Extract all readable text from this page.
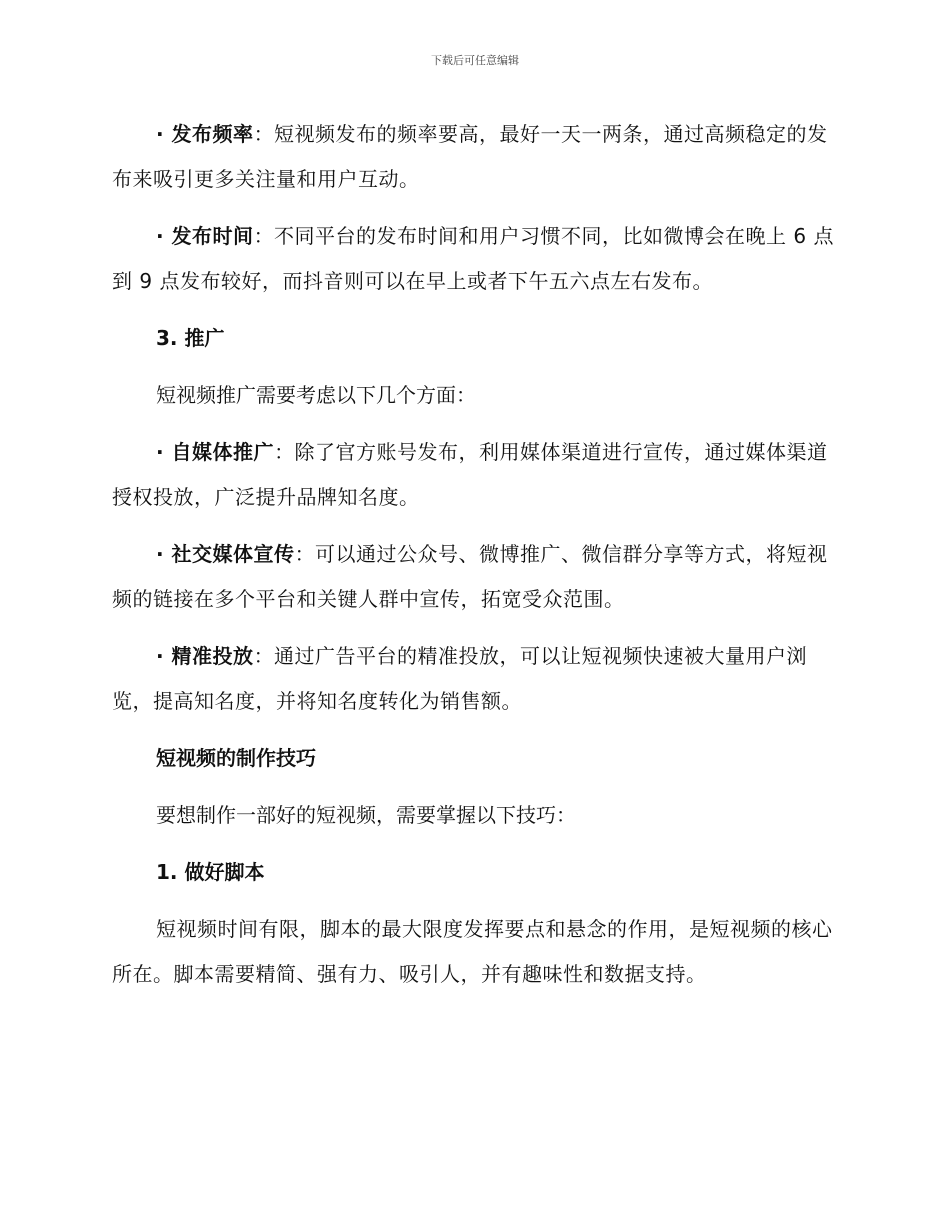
下载后可任意编辑

· 发布频率：短视频发布的频率要高，最好一天一两条，通过高频稳定的发布来吸引更多关注量和用户互动。

· 发布时间：不同平台的发布时间和用户习惯不同，比如微博会在晚上 6 点到 9 点发布较好，而抖音则可以在早上或者下午五六点左右发布。

3. 推广

短视频推广需要考虑以下几个方面：

· 自媒体推广：除了官方账号发布，利用媒体渠道进行宣传，通过媒体渠道授权投放，广泛提升品牌知名度。

· 社交媒体宣传：可以通过公众号、微博推广、微信群分享等方式，将短视频的链接在多个平台和关键人群中宣传，拓宽受众范围。

· 精准投放：通过广告平台的精准投放，可以让短视频快速被大量用户浏览，提高知名度，并将知名度转化为销售额。

短视频的制作技巧

要想制作一部好的短视频，需要掌握以下技巧：

1. 做好脚本

短视频时间有限，脚本的最大限度发挥要点和悬念的作用，是短视频的核心所在。脚本需要精简、强有力、吸引人，并有趣味性和数据支持。
